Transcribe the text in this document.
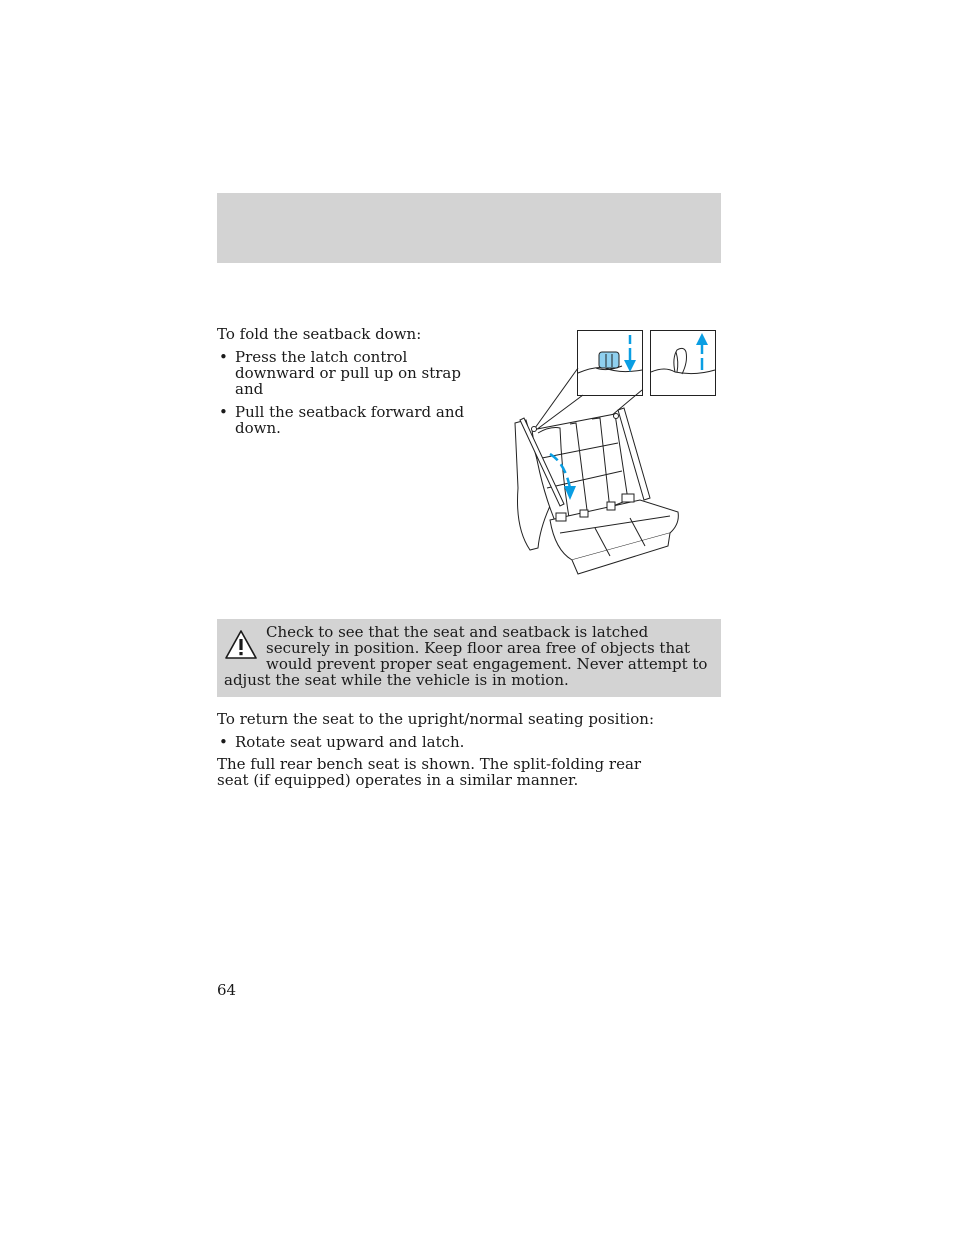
To fold the seatback down:
• Press the latch control downward or pull up on strap and
• Pull the seatback forward and down.

Check to see that the seat and seatback is latched securely in position. Keep floor area free of objects that would prevent proper seat engagement. Never attempt to adjust the seat while the vehicle is in motion.

To return the seat to the upright/normal seating position:
• Rotate seat upward and latch.
The full rear bench seat is shown. The split-folding rear seat (if equipped) operates in a similar manner.
64
